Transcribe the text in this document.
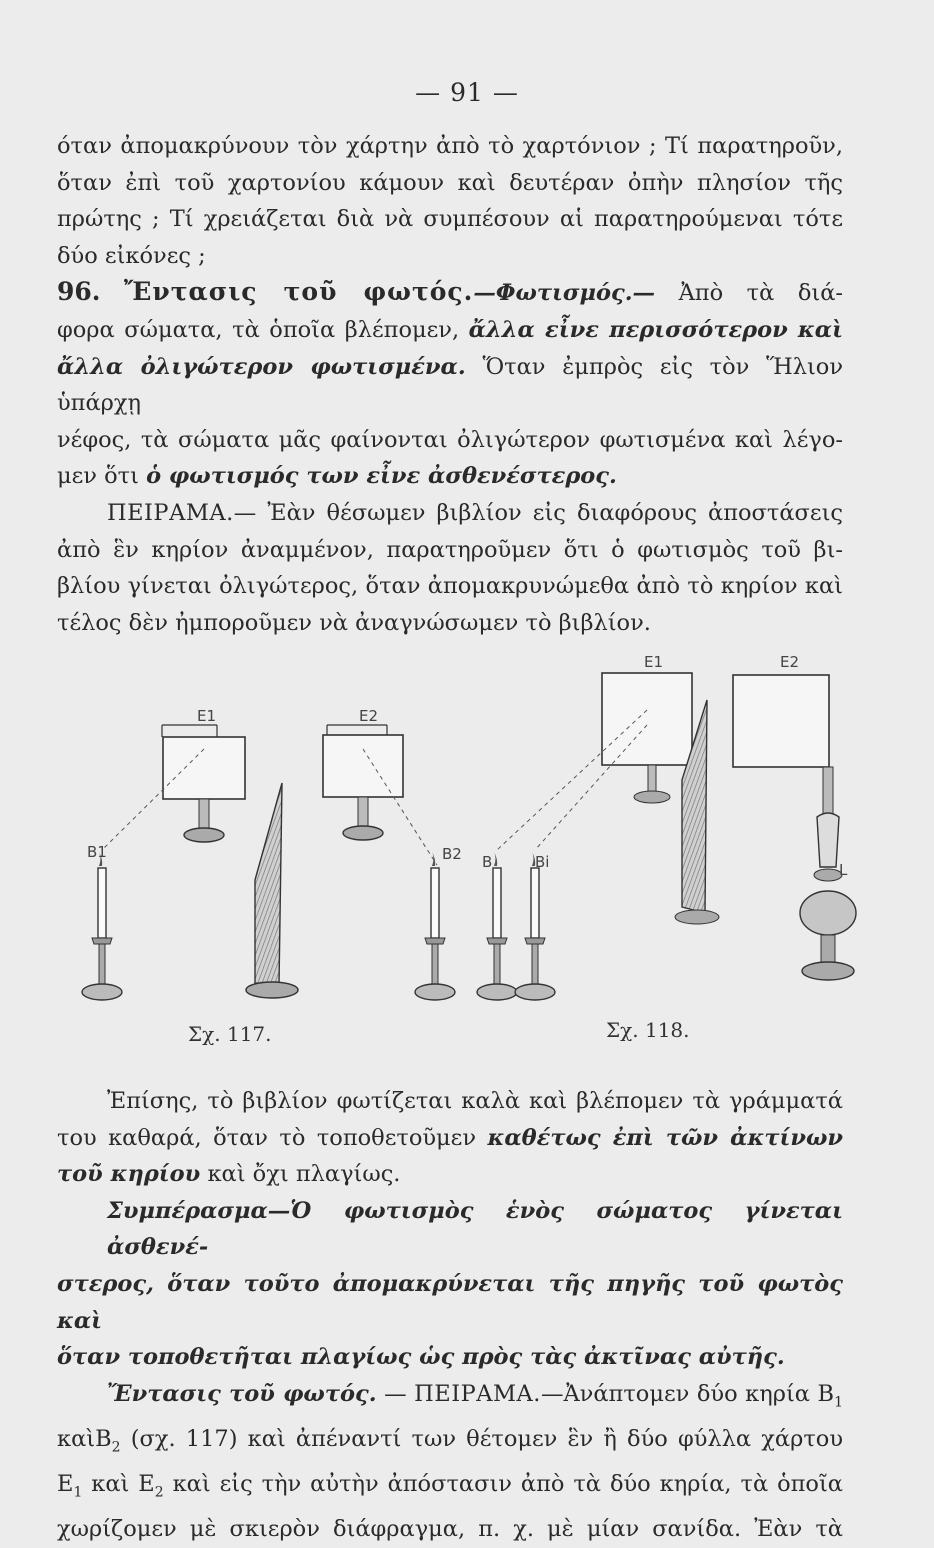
— 91 —
όταν ἀπομακρύνουν τὸν χάρτην ἀπὸ τὸ χαρτόνιον ; Τί παρατηροῦν,
ὅταν ἐπὶ τοῦ χαρτονίου κάμουν καὶ δευτέραν ὀπὴν πλησίον τῆς
πρώτης ; Τί χρειάζεται διὰ νὰ συμπέσουν αἱ παρατηρούμεναι τότε
δύο εἰκόνες ;
96. Ἔντασις τοῦ φωτός.—Φωτισμός.— Ἀπὸ τὰ διά-
φορα σώματα, τὰ ὁποῖα βλέπομεν, ἄλλα εἶνε περισσότερον καὶ
ἄλλα ὀλιγώτερον φωτισμένα. Ὅταν ἐμπρὸς εἰς τὸν Ἥλιον ὑπάρχῃ
νέφος, τὰ σώματα μᾶς φαίνονται ὀλιγώτερον φωτισμένα καὶ λέγο-
μεν ὅτι ὁ φωτισμός των εἶνε ἀσθενέστερος.
ΠΕΙΡΑΜΑ.— Ἐὰν θέσωμεν βιβλίον εἰς διαφόρους ἀποστάσεις
ἀπὸ ἓν κηρίον ἀναμμένον, παρατηροῦμεν ὅτι ὁ φωτισμὸς τοῦ βι-
βλίου γίνεται ὀλιγώτερος, ὅταν ἀπομακρυνώμεθα ἀπὸ τὸ κηρίον καὶ
τέλος δὲν ἠμποροῦμεν νὰ ἀναγνώσωμεν τὸ βιβλίον.
E1	E2
B1	B2
E1	E2
B	Bi	L
Σχ. 117.	Σχ. 118.
Ἐπίσης, τὸ βιβλίον φωτίζεται καλὰ καὶ βλέπομεν τὰ γράμματά
του καθαρά, ὅταν τὸ τοποθετοῦμεν καθέτως ἐπὶ τῶν ἀκτίνων
τοῦ κηρίου καὶ ὄχι πλαγίως.
Συμπέρασμα—Ὁ φωτισμὸς ἑνὸς σώματος γίνεται ἀσθενέ-
στερος, ὅταν τοῦτο ἀπομακρύνεται τῆς πηγῆς τοῦ φωτὸς καὶ
ὅταν τοποθετῆται πλαγίως ὡς πρὸς τὰς ἀκτῖνας αὐτῆς.
Ἔντασις τοῦ φωτός. — ΠΕΙΡΑΜΑ.—Ἀνάπτομεν δύο κηρία $B_1$
καὶB$_2$ (σχ. 117) καὶ ἀπέναντί των θέτομεν ἓν ἢ δύο φύλλα χάρτου
$E_1$ καὶ $E_2$ καὶ εἰς τὴν αὐτὴν ἀπόστασιν ἀπὸ τὰ δύο κηρία, τὰ ὁποῖα
χωρίζομεν μὲ σκιερὸν διάφραγμα, π. χ. μὲ μίαν σανίδα. Ἐὰν τὰ
